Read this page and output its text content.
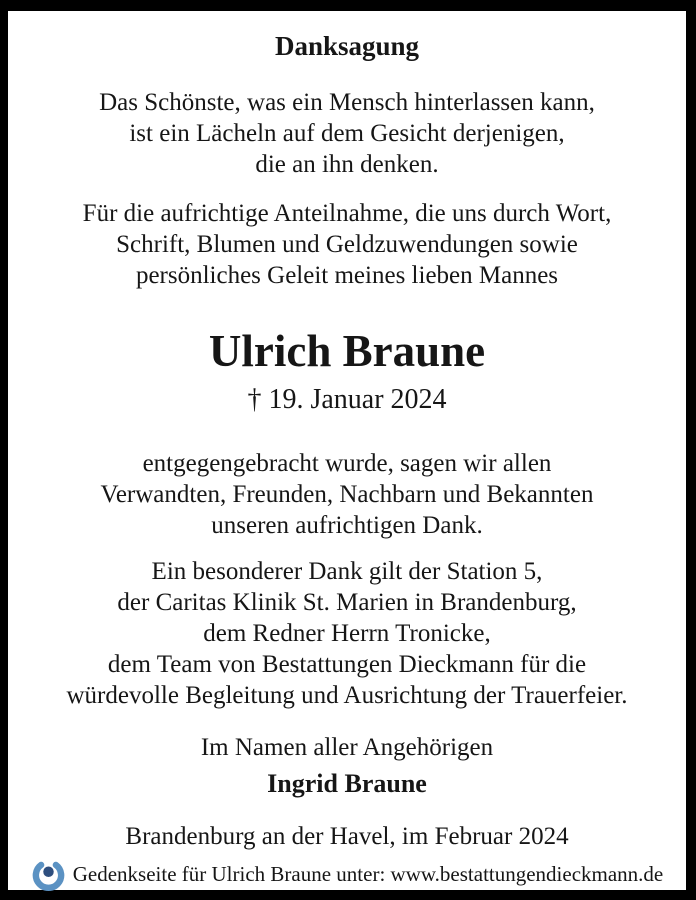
Danksagung
Das Schönste, was ein Mensch hinterlassen kann,
ist ein Lächeln auf dem Gesicht derjenigen,
die an ihn denken.
Für die aufrichtige Anteilnahme, die uns durch Wort,
Schrift, Blumen und Geldzuwendungen sowie
persönliches Geleit meines lieben Mannes
Ulrich Braune
† 19. Januar 2024
entgegengebracht wurde, sagen wir allen
Verwandten, Freunden, Nachbarn und Bekannten
unseren aufrichtigen Dank.
Ein besonderer Dank gilt der Station 5,
der Caritas Klinik St. Marien in Brandenburg,
dem Redner Herrn Tronicke,
dem Team von Bestattungen Dieckmann für die
würdevolle Begleitung und Ausrichtung der Trauerfeier.
Im Namen aller Angehörigen
Ingrid Braune
Brandenburg an der Havel, im Februar 2024
Gedenkseite für Ulrich Braune unter: www.bestattungendieckmann.de
